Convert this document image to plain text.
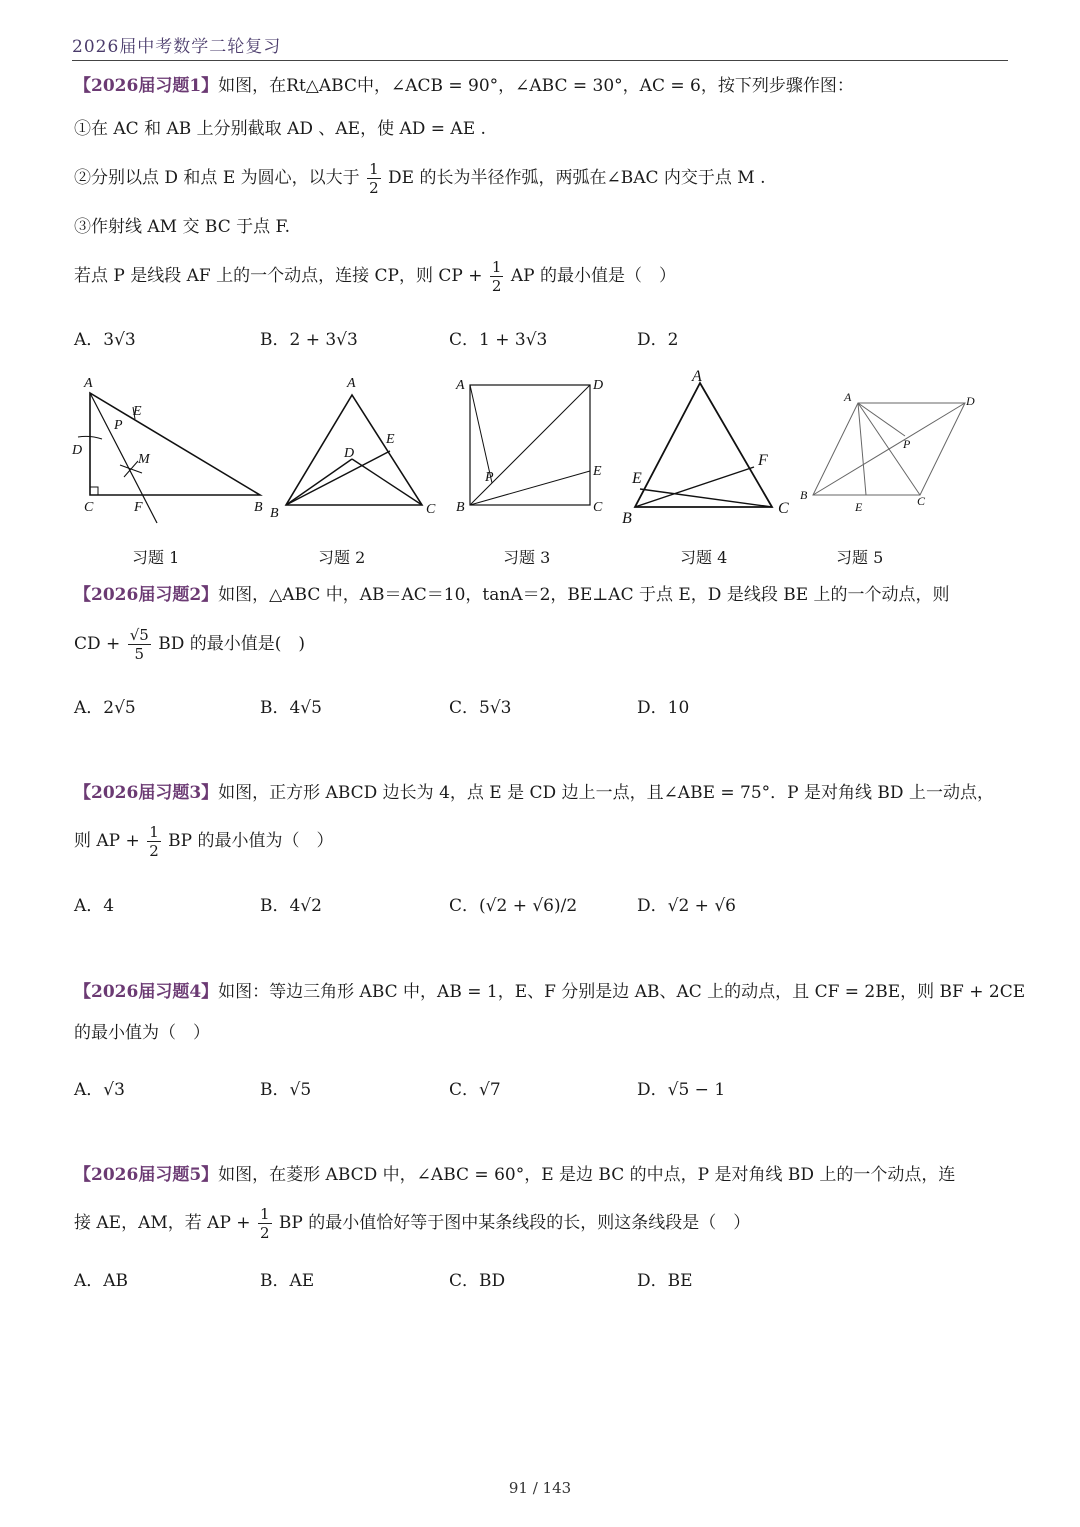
2026届中考数学二轮复习
【2026届习题1】如图，在Rt△ABC中，∠ACB = 90°，∠ABC = 30°，AC = 6，按下列步骤作图：
①在 AC 和 AB 上分别截取 AD 、AE，使 AD = AE .
②分别以点 D 和点 E 为圆心，以大于 $\frac{1}{2}$ DE 的长为半径作弧，两弧在∠BAC 内交于点 M .
③作射线 AM 交 BC 于点 F.
若点 P 是线段 AF 上的一个动点，连接 CP，则 CP + $\frac{1}{2}$ AP 的最小值是（　）
A．3√3	B．2 + 3√3	C．1 + 3√3	D．2
A
E
P
D
M
C	F	B
A
D
E
B	C
A	D
P	E
B	C
A
F
E
B
C
A	D
P
B
E	C
习题 1	习题 2	习题 3	习题 4	习题 5
【2026届习题2】如图，△ABC 中，AB＝AC＝10，tanA＝2，BE⊥AC 于点 E，D 是线段 BE 上的一个动点，则
CD + $\frac{√5}{5}$ BD 的最小值是(　)
A．2√5	B．4√5	C．5√3	D．10
【2026届习题3】如图，正方形 ABCD 边长为 4，点 E 是 CD 边上一点，且∠ABE = 75°．P 是对角线 BD 上一动点，
则 AP + $\frac{1}{2}$ BP 的最小值为（　）
A．4	B．4√2	C．(√2 + √6)/2	D．√2 + √6
【2026届习题4】如图：等边三角形 ABC 中，AB = 1，E、F 分别是边 AB、AC 上的动点，且 CF = 2BE，则 BF + 2CE
的最小值为（　）
A．√3	B．√5	C．√7	D．√5 − 1
【2026届习题5】如图，在菱形 ABCD 中，∠ABC = 60°，E 是边 BC 的中点，P 是对角线 BD 上的一个动点，连
接 AE，AM，若 AP + $\frac{1}{2}$ BP 的最小值恰好等于图中某条线段的长，则这条线段是（　）
A．AB	B．AE	C．BD	D．BE
91 / 143
